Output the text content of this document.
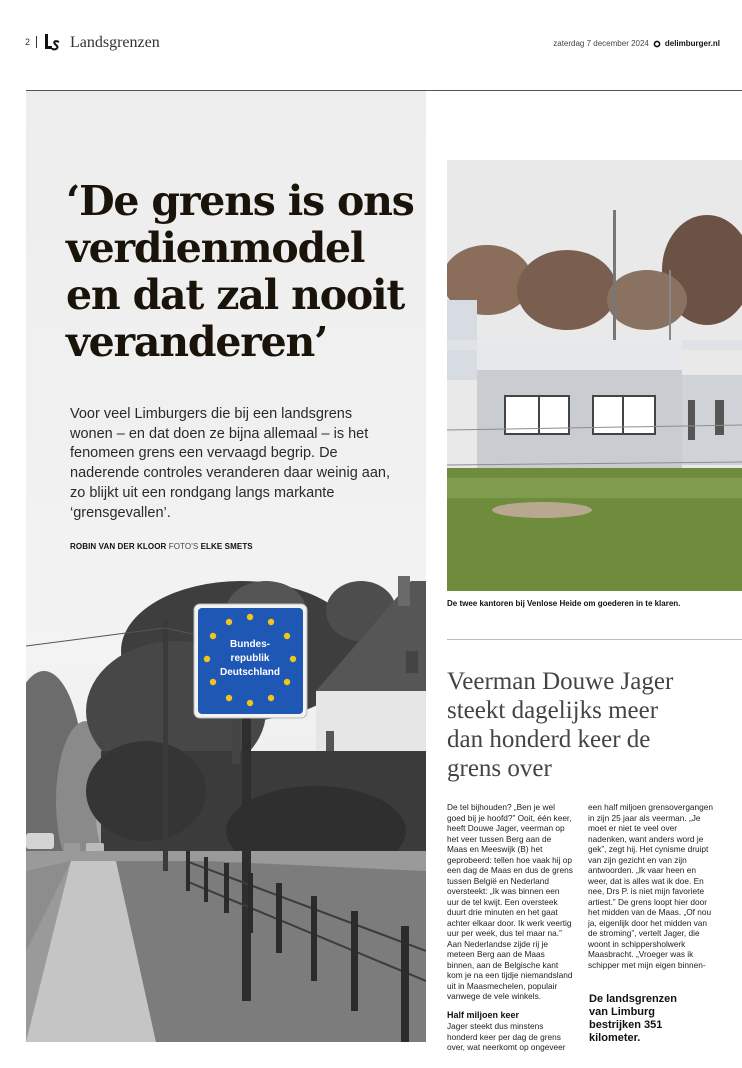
2 Landsgrenzen	zaterdag 7 december 2024 delimburger.nl
Bundes-
republik
Deutschland
‘De grens is ons verdienmodel en dat zal nooit veranderen’
Voor veel Limburgers die bij een landsgrens wonen – en dat doen ze bijna allemaal – is het fenomeen grens een vervaagd begrip. De naderende controles veranderen daar weinig aan, zo blijkt uit een rondgang langs markante ‘grensgevallen’.
ROBIN VAN DER KLOOR FOTO'S ELKE SMETS
De twee kantoren bij Venlose Heide om goederen in te klaren.
Veerman Douwe Jager steekt dagelijks meer dan honderd keer de grens over

De tel bijhouden? „Ben je wel goed bij je hoofd?” Ooit, één keer, heeft Douwe Jager, veerman op het veer tussen Berg aan de Maas en Meeswijk (B) het geprobeerd: tellen hoe vaak hij op een dag de Maas en dus de grens tussen België en Nederland oversteekt: „Ik was binnen een uur de tel kwijt. Een oversteek duurt drie minuten en het gaat achter elkaar door. Ik werk veertig uur per week, dus tel maar na.” Aan Nederlandse zijde rij je meteen Berg aan de Maas binnen, aan de Belgische kant kom je na een tijdje niemandsland uit in Maasmechelen, populair vanwege de vele winkels.

Half miljoen keer

Jager steekt dus minstens honderd keer per dag de grens over, wat neerkomt op ongeveer

een half miljoen grensovergangen in zijn 25 jaar als veerman. „Je moet er niet te veel over nadenken, want anders word je gek”, zegt hij. Het cynisme druipt van zijn gezicht en van zijn antwoorden. „Ik vaar heen en weer, dat is alles wat ik doe. En nee, Drs P. is niet mijn favoriete artiest.” De grens loopt hier door het midden van de Maas. „Of nou ja, eigenlijk door het midden van de stroming”, vertelt Jager, die woont in schippersholwerk Maasbracht. „Vroeger was ik schipper met mijn eigen binnen-

De landsgrenzen van Limburg bestrijken 351 kilometer.
